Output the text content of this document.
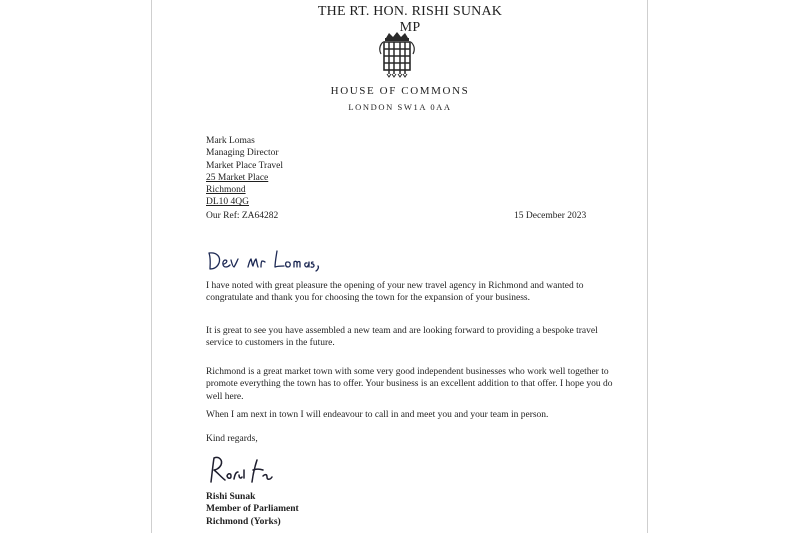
THE RT. HON. RISHI SUNAK MP
HOUSE OF COMMONS
LONDON SW1A 0AA
Mark Lomas
Managing Director
Market Place Travel
25 Market Place
Richmond
DL10 4QG
Our Ref: ZA64282	15 December 2023
I have noted with great pleasure the opening of your new travel agency in Richmond and wanted to congratulate and thank you for choosing the town for the expansion of your business.
It is great to see you have assembled a new team and are looking forward to providing a bespoke travel service to customers in the future.
Richmond is a great market town with some very good independent businesses who work well together to promote everything the town has to offer. Your business is an excellent addition to that offer. I hope you do well here.
When I am next in town I will endeavour to call in and meet you and your team in person.
Kind regards,
Rishi Sunak
Member of Parliament
Richmond (Yorks)
